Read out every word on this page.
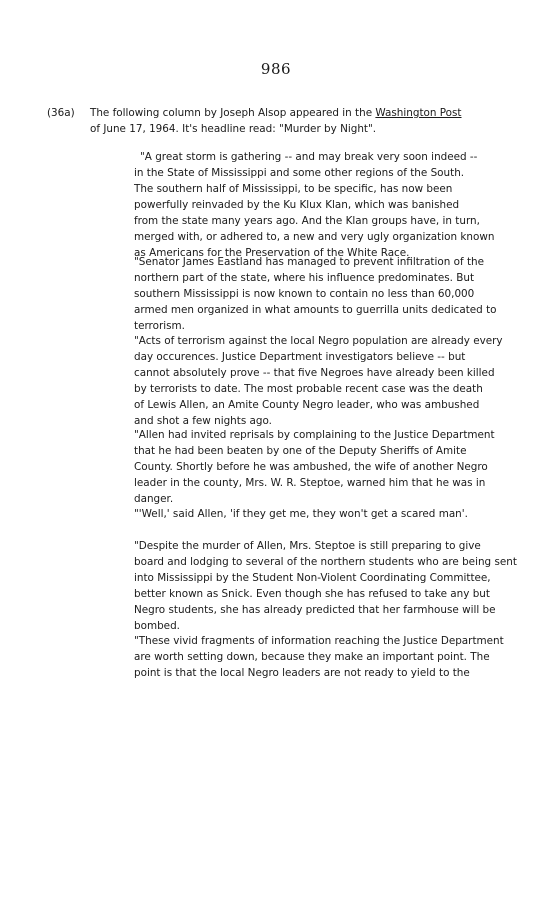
986
(36a) The following column by Joseph Alsop appeared in the Washington Post
of June 17, 1964. It's headline read: "Murder by Night".
"A great storm is gathering -- and may break very soon indeed --
in the State of Mississippi and some other regions of the South.
The southern half of Mississippi, to be specific, has now been
powerfully reinvaded by the Ku Klux Klan, which was banished
from the state many years ago. And the Klan groups have, in turn,
merged with, or adhered to, a new and very ugly organization known
as Americans for the Preservation of the White Race.
"Senator James Eastland has managed to prevent infiltration of the
northern part of the state, where his influence predominates. But
southern Mississippi is now known to contain no less than 60,000
armed men organized in what amounts to guerrilla units dedicated to
terrorism.
"Acts of terrorism against the local Negro population are already every
day occurences. Justice Department investigators believe -- but
cannot absolutely prove -- that five Negroes have already been killed
by terrorists to date. The most probable recent case was the death
of Lewis Allen, an Amite County Negro leader, who was ambushed
and shot a few nights ago.
"Allen had invited reprisals by complaining to the Justice Department
that he had been beaten by one of the Deputy Sheriffs of Amite
County. Shortly before he was ambushed, the wife of another Negro
leader in the county, Mrs. W. R. Steptoe, warned him that he was in
danger.
"'Well,' said Allen, 'if they get me, they won't get a scared man'.
"Despite the murder of Allen, Mrs. Steptoe is still preparing to give
board and lodging to several of the northern students who are being sent
into Mississippi by the Student Non-Violent Coordinating Committee,
better known as Snick. Even though she has refused to take any but
Negro students, she has already predicted that her farmhouse will be
bombed.
"These vivid fragments of information reaching the Justice Department
are worth setting down, because they make an important point. The
point is that the local Negro leaders are not ready to yield to the
